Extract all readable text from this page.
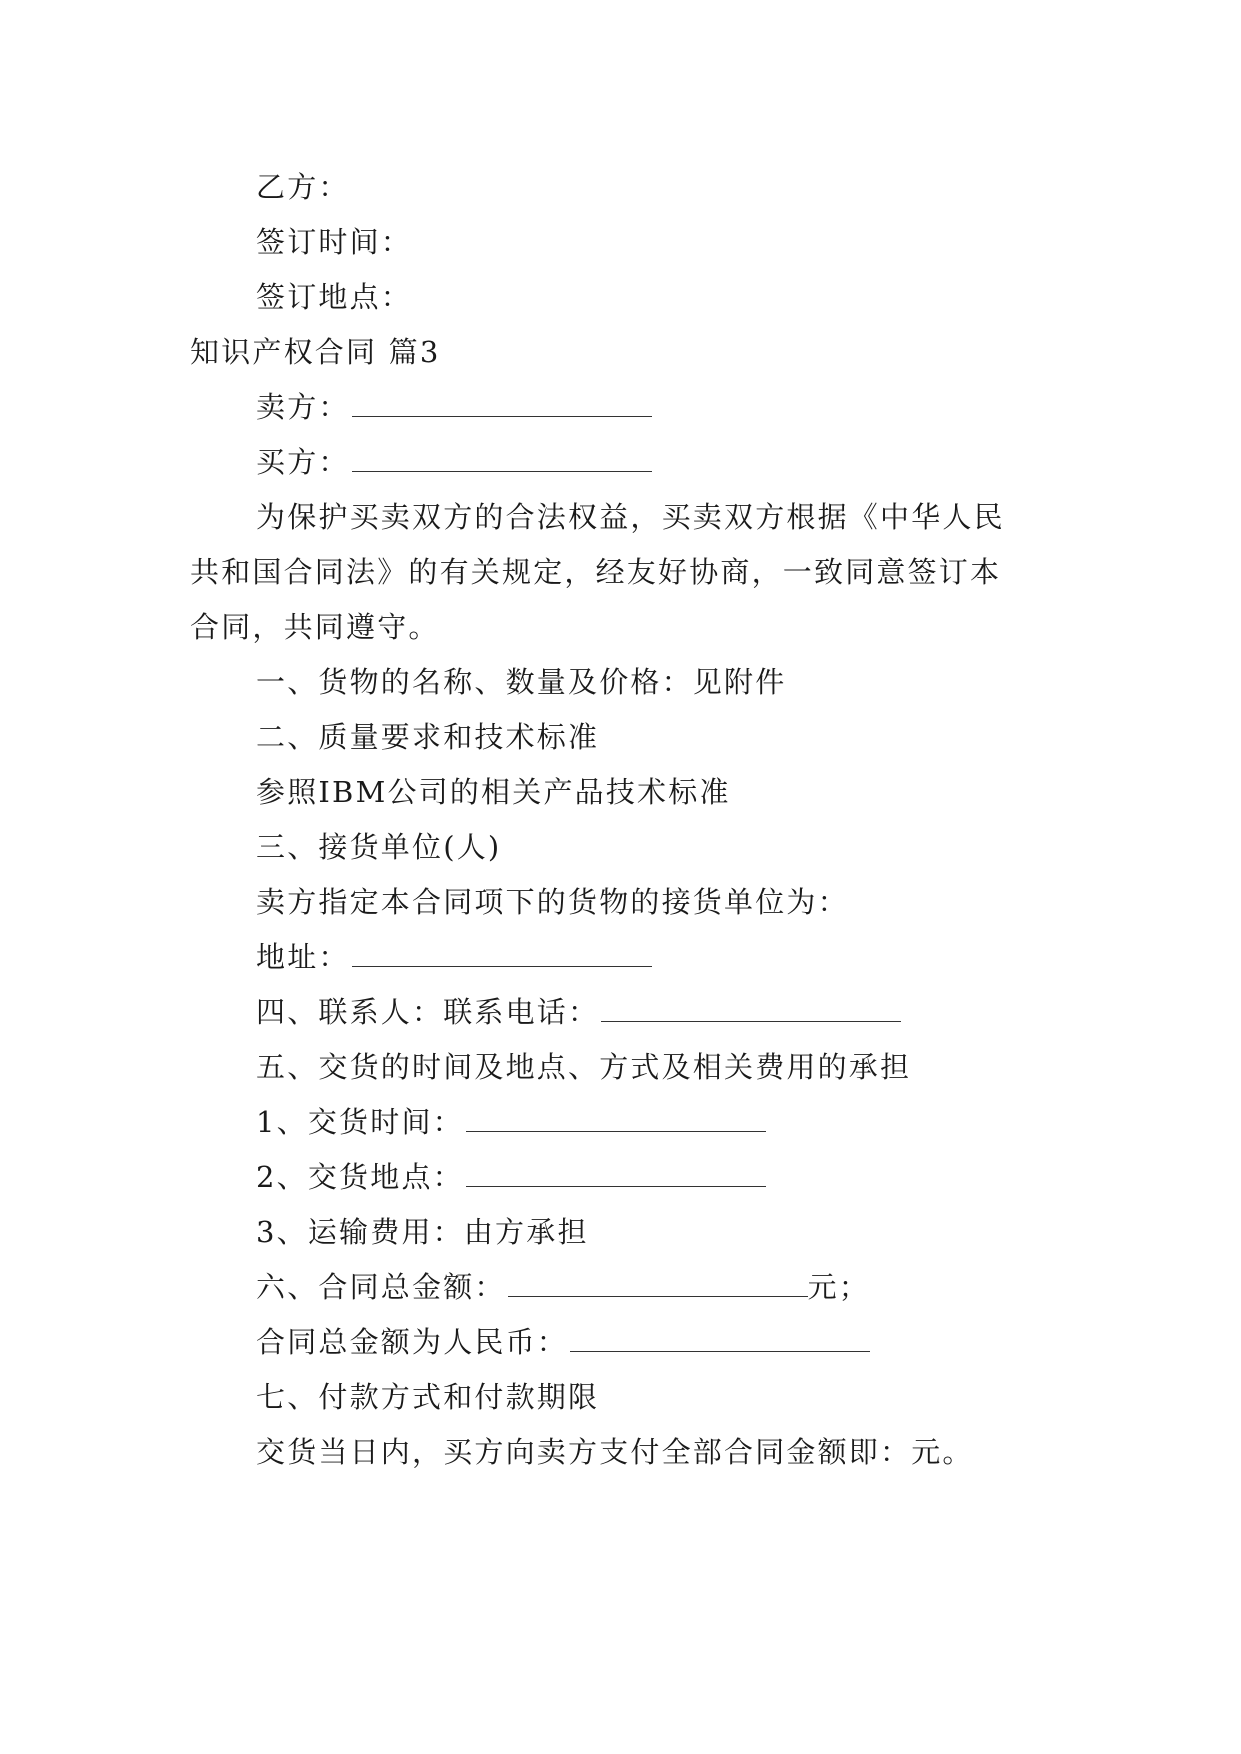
乙方：
签订时间：
签订地点：
知识产权合同 篇3
卖方：
买方：
为保护买卖双方的合法权益，买卖双方根据《中华人民
共和国合同法》的有关规定，经友好协商，一致同意签订本
合同，共同遵守。
一、货物的名称、数量及价格：见附件
二、质量要求和技术标准
参照IBM公司的相关产品技术标准
三、接货单位(人)
卖方指定本合同项下的货物的接货单位为：
地址：
四、联系人：联系电话：
五、交货的时间及地点、方式及相关费用的承担
1、交货时间：
2、交货地点：
3、运输费用：由方承担
六、合同总金额：	元；
合同总金额为人民币：
七、付款方式和付款期限
交货当日内，买方向卖方支付全部合同金额即：元。
